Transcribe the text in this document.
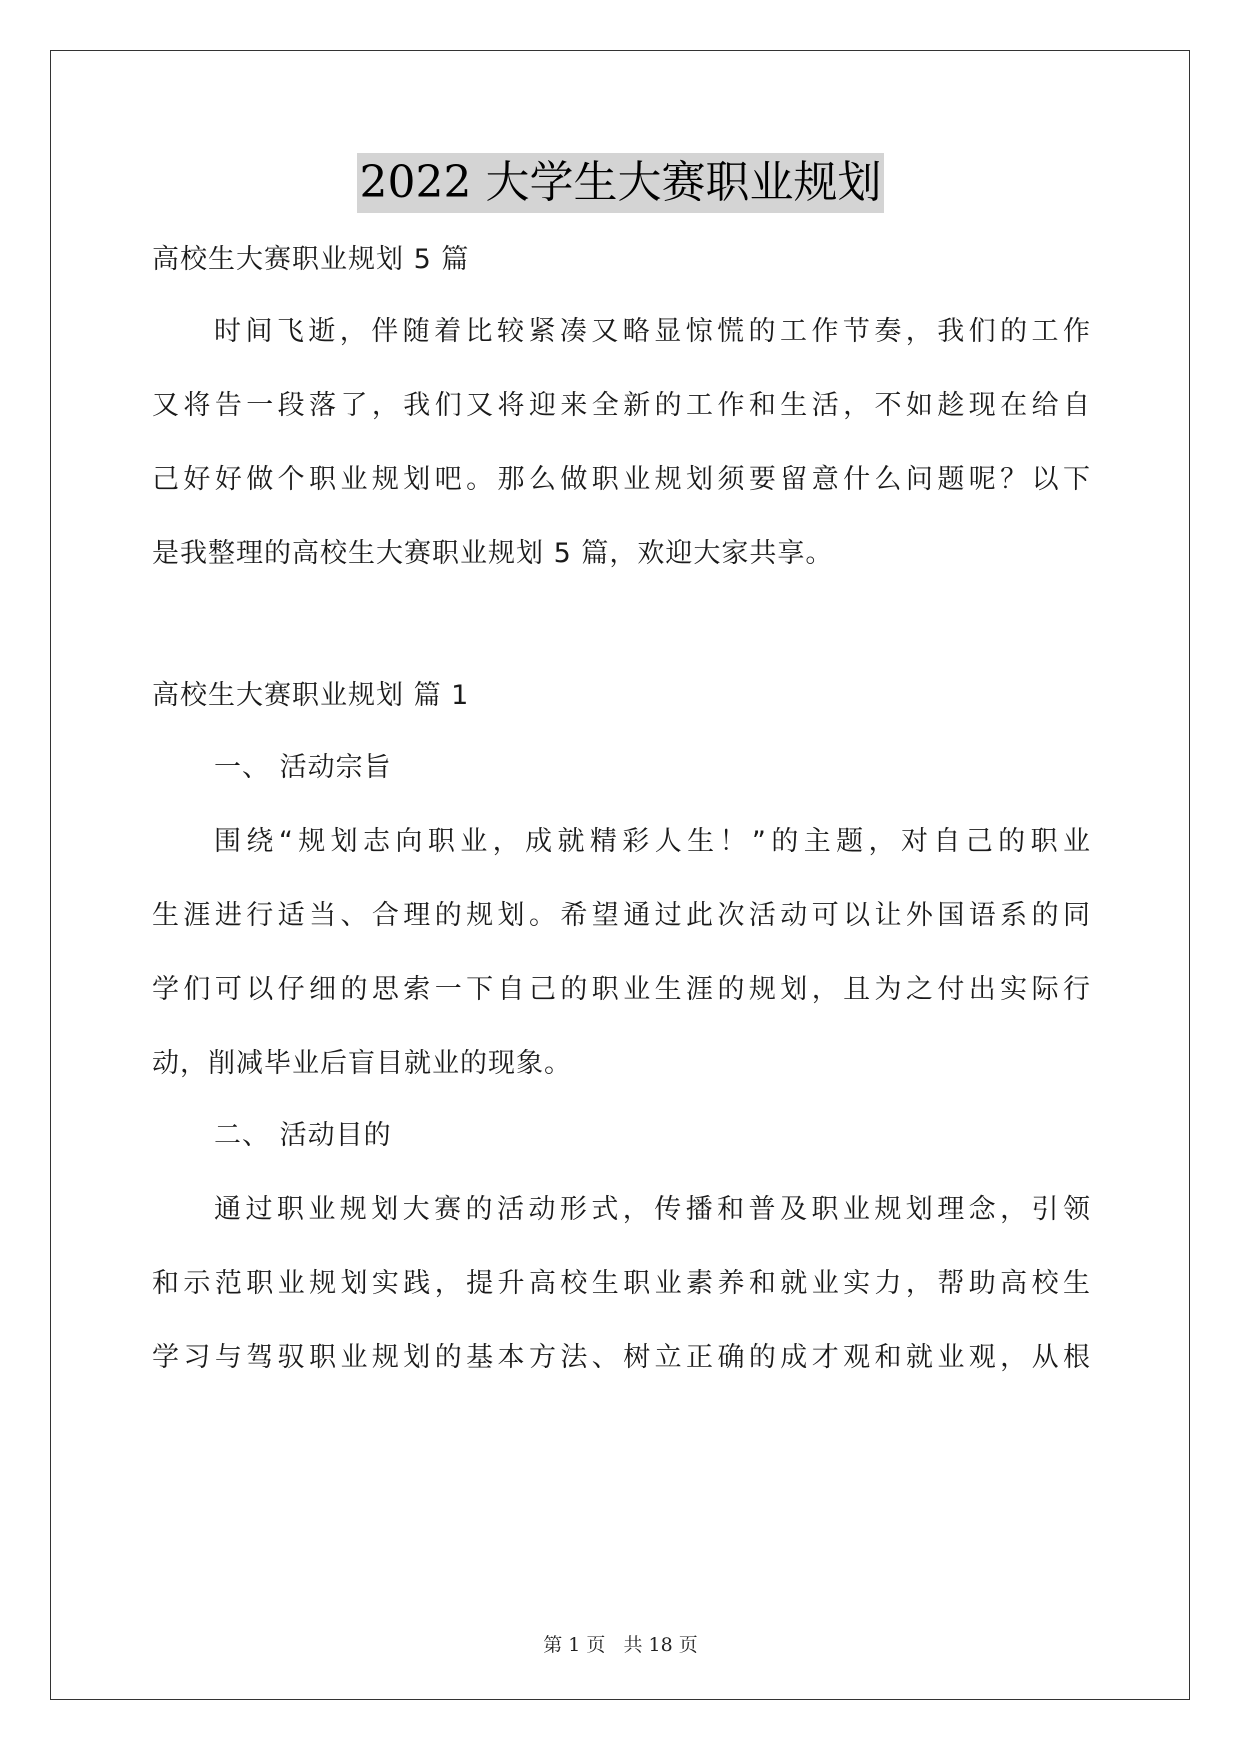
2022 大学生大赛职业规划
高校生大赛职业规划 5 篇
时间飞逝，伴随着比较紧凑又略显惊慌的工作节奏，我们的工作
又将告一段落了，我们又将迎来全新的工作和生活，不如趁现在给自
己好好做个职业规划吧。那么做职业规划须要留意什么问题呢？以下
是我整理的高校生大赛职业规划 5 篇，欢迎大家共享。
高校生大赛职业规划 篇 1
一、 活动宗旨
围绕“规划志向职业，成就精彩人生！”的主题，对自己的职业
生涯进行适当、合理的规划。希望通过此次活动可以让外国语系的同
学们可以仔细的思索一下自己的职业生涯的规划，且为之付出实际行
动，削减毕业后盲目就业的现象。
二、 活动目的
通过职业规划大赛的活动形式，传播和普及职业规划理念，引领
和示范职业规划实践，提升高校生职业素养和就业实力，帮助高校生
学习与驾驭职业规划的基本方法、树立正确的成才观和就业观，从根
第 1 页 共 18 页
